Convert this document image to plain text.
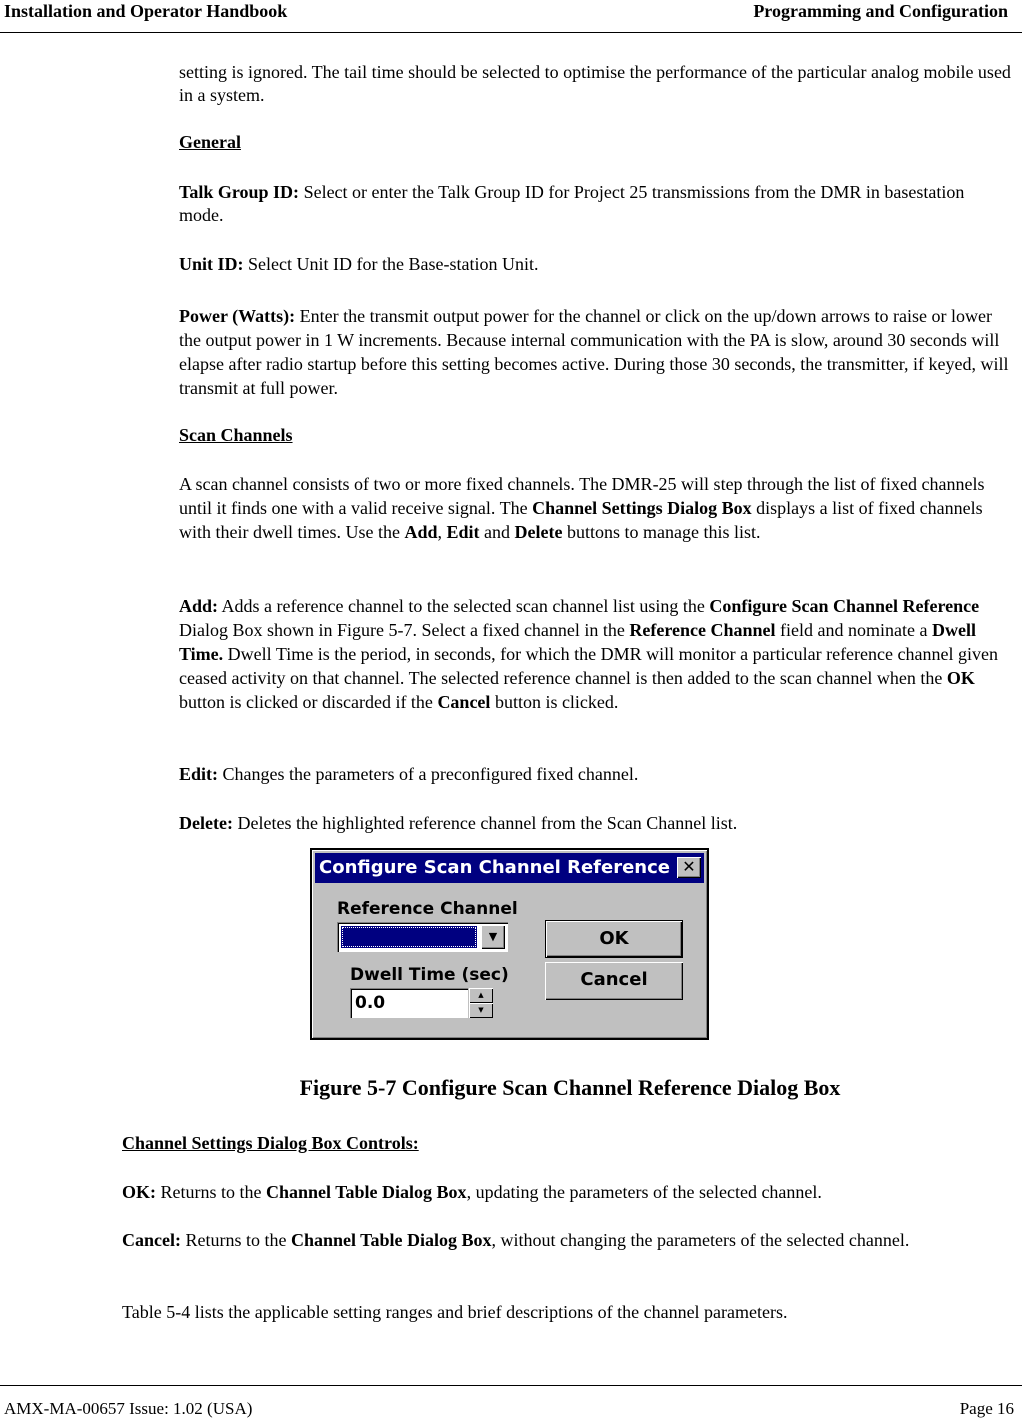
Installation and Operator Handbook	Programming and Configuration

setting is ignored. The tail time should be selected to optimise the performance of the particular analog mobile used in a system.

General

Talk Group ID: Select or enter the Talk Group ID for Project 25 transmissions from the DMR in basestation mode.

Unit ID: Select Unit ID for the Base-station Unit.

Power (Watts): Enter the transmit output power for the channel or click on the up/down arrows to raise or lower the output power in 1 W increments. Because internal communication with the PA is slow, around 30 seconds will elapse after radio startup before this setting becomes active. During those 30 seconds, the transmitter, if keyed, will transmit at full power.

Scan Channels

A scan channel consists of two or more fixed channels. The DMR-25 will step through the list of fixed channels until it finds one with a valid receive signal. The Channel Settings Dialog Box displays a list of fixed channels with their dwell times. Use the Add, Edit and Delete buttons to manage this list.

Add: Adds a reference channel to the selected scan channel list using the Configure Scan Channel Reference Dialog Box shown in Figure 5-7. Select a fixed channel in the Reference Channel field and nominate a Dwell Time. Dwell Time is the period, in seconds, for which the DMR will monitor a particular reference channel given ceased activity on that channel. The selected reference channel is then added to the scan channel when the OK button is clicked or discarded if the Cancel button is clicked.

Edit: Changes the parameters of a preconfigured fixed channel.

Delete: Deletes the highlighted reference channel from the Scan Channel list.

Configure Scan Channel Reference ✕
Reference Channel
▼
Dwell Time (sec)
0.0	▲
▼
OK
Cancel
Figure 5-7 Configure Scan Channel Reference Dialog Box

Channel Settings Dialog Box Controls:

OK: Returns to the Channel Table Dialog Box, updating the parameters of the selected channel.

Cancel: Returns to the Channel Table Dialog Box, without changing the parameters of the selected channel.

Table 5-4 lists the applicable setting ranges and brief descriptions of the channel parameters.

AMX-MA-00657 Issue: 1.02 (USA)	Page 16
